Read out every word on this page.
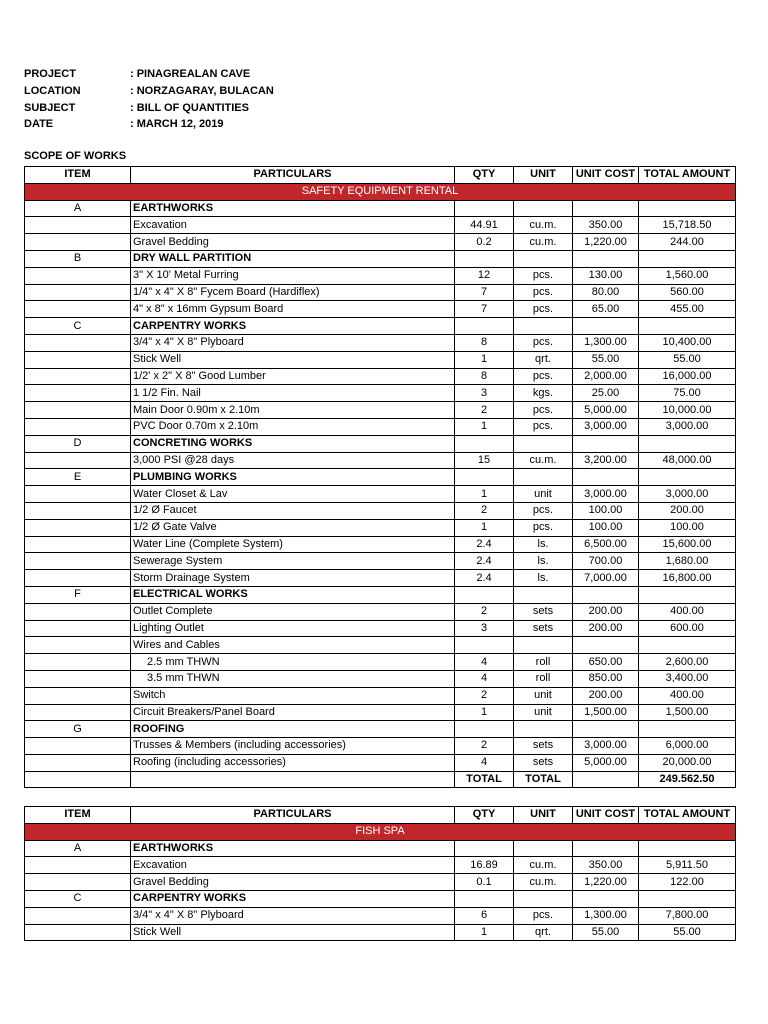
PROJECT	: PINAGREALAN CAVE
LOCATION	: NORZAGARAY, BULACAN
SUBJECT	: BILL OF QUANTITIES
DATE	: MARCH 12, 2019
SCOPE OF WORKS
ITEM	PARTICULARS	QTY	UNIT	UNIT COST	TOTAL AMOUNT
SAFETY EQUIPMENT RENTAL					
A	EARTHWORKS				
	Excavation	44.91	cu.m.	350.00	15,718.50
	Gravel Bedding	0.2	cu.m.	1,220.00	244.00
B	DRY WALL PARTITION				
	3" X 10' Metal Furring	12	pcs.	130.00	1,560.00
	1/4" x 4" X 8" Fycem Board (Hardiflex)	7	pcs.	80.00	560.00
	4" x 8" x 16mm Gypsum Board	7	pcs.	65.00	455.00
C	CARPENTRY WORKS				
	3/4" x 4" X 8" Plyboard	8	pcs.	1,300.00	10,400.00
	Stick Well	1	qrt.	55.00	55.00
	1/2' x 2" X 8" Good Lumber	8	pcs.	2,000.00	16,000.00
	1 1/2 Fin. Nail	3	kgs.	25.00	75.00
	Main Door 0.90m x 2.10m	2	pcs.	5,000.00	10,000.00
	PVC Door 0.70m x 2.10m	1	pcs.	3,000.00	3,000.00
D	CONCRETING WORKS				
	3,000 PSI @28 days	15	cu.m.	3,200.00	48,000.00
E	PLUMBING WORKS				
	Water Closet & Lav	1	unit	3,000.00	3,000.00
	1/2 Ø Faucet	2	pcs.	100.00	200.00
	1/2 Ø Gate Valve	1	pcs.	100.00	100.00
	Water Line (Complete System)	2.4	ls.	6,500.00	15,600.00
	Sewerage System	2.4	ls.	700.00	1,680.00
	Storm Drainage System	2.4	ls.	7,000.00	16,800.00
F	ELECTRICAL WORKS				
	Outlet Complete	2	sets	200.00	400.00
	Lighting Outlet	3	sets	200.00	600.00
	Wires and Cables				
	2.5 mm THWN	4	roll	650.00	2,600.00
	3.5 mm THWN	4	roll	850.00	3,400.00
	Switch	2	unit	200.00	400.00
	Circuit Breakers/Panel Board	1	unit	1,500.00	1,500.00
G	ROOFING				
	Trusses & Members (including accessories)	2	sets	3,000.00	6,000.00
	Roofing (including accessories)	4	sets	5,000.00	20,000.00
		TOTAL	TOTAL		249.562.50
ITEM	PARTICULARS	QTY	UNIT	UNIT COST	TOTAL AMOUNT
FISH SPA					
A	EARTHWORKS				
	Excavation	16.89	cu.m.	350.00	5,911.50
	Gravel Bedding	0.1	cu.m.	1,220.00	122.00
C	CARPENTRY WORKS				
	3/4" x 4" X 8" Plyboard	6	pcs.	1,300.00	7,800.00
	Stick Well	1	qrt.	55.00	55.00
